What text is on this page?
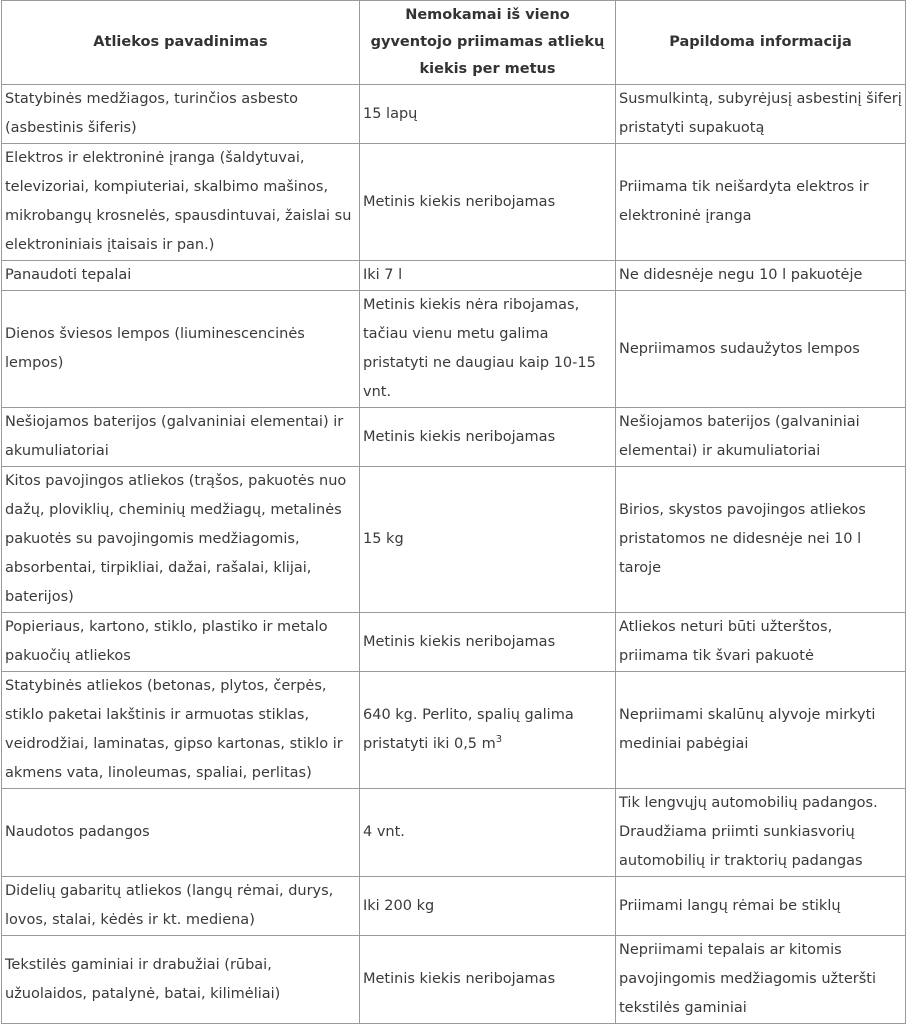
Atliekos pavadinimas	Nemokamai iš vieno gyventojo priimamas atliekų kiekis per metus	Papildoma informacija
Statybinės medžiagos, turinčios asbesto (asbestinis šiferis)	15 lapų	Susmulkintą, subyrėjusį asbestinį šiferį pristatyti supakuotą
Elektros ir elektroninė įranga (šaldytuvai, televizoriai, kompiuteriai, skalbimo mašinos, mikrobangų krosnelės, spausdintuvai, žaislai su elektroniniais įtaisais ir pan.)	Metinis kiekis neribojamas	Priimama tik neišardyta elektros ir elektroninė įranga
Panaudoti tepalai	Iki 7 l	Ne didesnėje negu 10 l pakuotėje
Dienos šviesos lempos (liuminescencinės lempos)	Metinis kiekis nėra ribojamas, tačiau vienu metu galima pristatyti ne daugiau kaip 10-15 vnt.	Nepriimamos sudaužytos lempos
Nešiojamos baterijos (galvaniniai elementai) ir akumuliatoriai	Metinis kiekis neribojamas	Nešiojamos baterijos (galvaniniai elementai) ir akumuliatoriai
Kitos pavojingos atliekos (trąšos, pakuotės nuo dažų, ploviklių, cheminių medžiagų, metalinės pakuotės su pavojingomis medžiagomis, absorbentai, tirpikliai, dažai, rašalai, klijai, baterijos)	15 kg	Birios, skystos pavojingos atliekos pristatomos ne didesnėje nei 10 l taroje
Popieriaus, kartono, stiklo, plastiko ir metalo pakuočių atliekos	Metinis kiekis neribojamas	Atliekos neturi būti užterštos, priimama tik švari pakuotė
Statybinės atliekos (betonas, plytos, čerpės, stiklo paketai lakštinis ir armuotas stiklas, veidrodžiai, laminatas, gipso kartonas, stiklo ir akmens vata, linoleumas, spaliai, perlitas)	640 kg. Perlito, spalių galima pristatyti iki 0,5 $m^3$	Nepriimami skalūnų alyvoje mirkyti mediniai pabėgiai
Naudotos padangos	4 vnt.	Tik lengvųjų automobilių padangos. Draudžiama priimti sunkiasvorių automobilių ir traktorių padangas
Didelių gabaritų atliekos (langų rėmai, durys, lovos, stalai, kėdės ir kt. mediena)	Iki 200 kg	Priimami langų rėmai be stiklų
Tekstilės gaminiai ir drabužiai (rūbai, užuolaidos, patalynė, batai, kilimėliai)	Metinis kiekis neribojamas	Nepriimami tepalais ar kitomis pavojingomis medžiagomis užteršti tekstilės gaminiai
